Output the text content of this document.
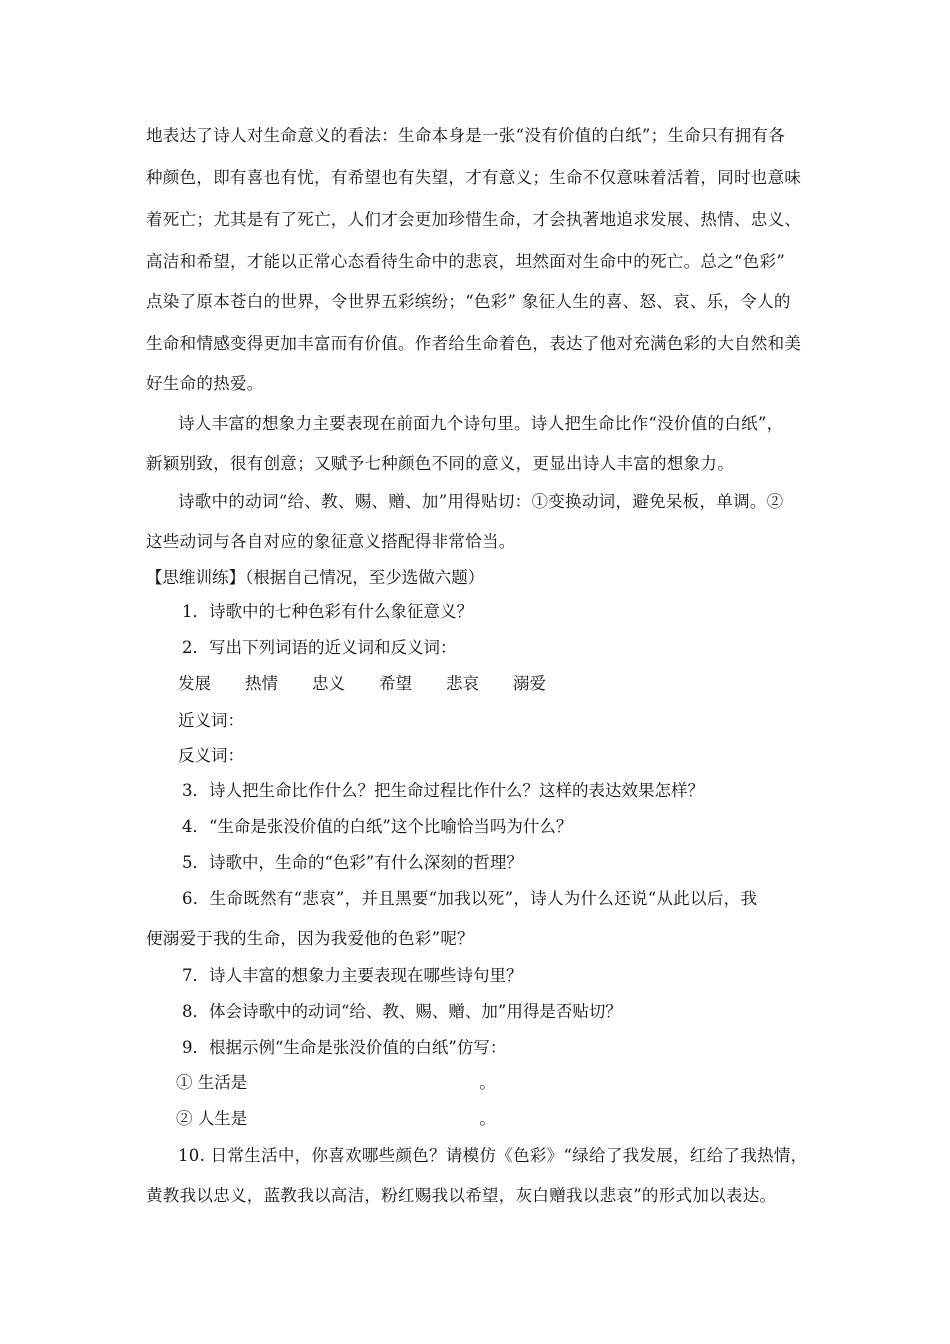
地表达了诗人对生命意义的看法：生命本身是一张“没有价值的白纸”；生命只有拥有各
种颜色，即有喜也有忧，有希望也有失望，才有意义；生命不仅意味着活着，同时也意味
着死亡；尤其是有了死亡，人们才会更加珍惜生命，才会执著地追求发展、热情、忠义、
高洁和希望，才能以正常心态看待生命中的悲哀，坦然面对生命中的死亡。总之“色彩”
点染了原本苍白的世界，令世界五彩缤纷；“色彩” 象征人生的喜、怒、哀、乐，令人的
生命和情感变得更加丰富而有价值。作者给生命着色，表达了他对充满色彩的大自然和美
好生命的热爱。
诗人丰富的想象力主要表现在前面九个诗句里。诗人把生命比作“没价值的白纸”，
新颖别致，很有创意；又赋予七种颜色不同的意义，更显出诗人丰富的想象力。
诗歌中的动词“给、教、赐、赠、加”用得贴切：①变换动词，避免呆板，单调。②
这些动词与各自对应的象征意义搭配得非常恰当。
【思维训练】（根据自己情况，至少选做六题）
1．诗歌中的七种色彩有什么象征意义？
2．写出下列词语的近义词和反义词：
发展 热情 忠义 希望 悲哀 溺爱
近义词：
反义词：
3．诗人把生命比作什么？把生命过程比作什么？这样的表达效果怎样？
4．“生命是张没价值的白纸”这个比喻恰当吗为什么？
5．诗歌中，生命的“色彩”有什么深刻的哲理？
6．生命既然有“悲哀”，并且黑要“加我以死”，诗人为什么还说“从此以后，我
便溺爱于我的生命，因为我爱他的色彩”呢？
7．诗人丰富的想象力主要表现在哪些诗句里？
8．体会诗歌中的动词“给、教、赐、赠、加”用得是否贴切？
9．根据示例“生命是张没价值的白纸”仿写：
① 生活是	。
② 人生是	。
10. 日常生活中，你喜欢哪些颜色？请模仿《色彩》“绿给了我发展，红给了我热情，
黄教我以忠义，蓝教我以高洁，粉红赐我以希望，灰白赠我以悲哀”的形式加以表达。
